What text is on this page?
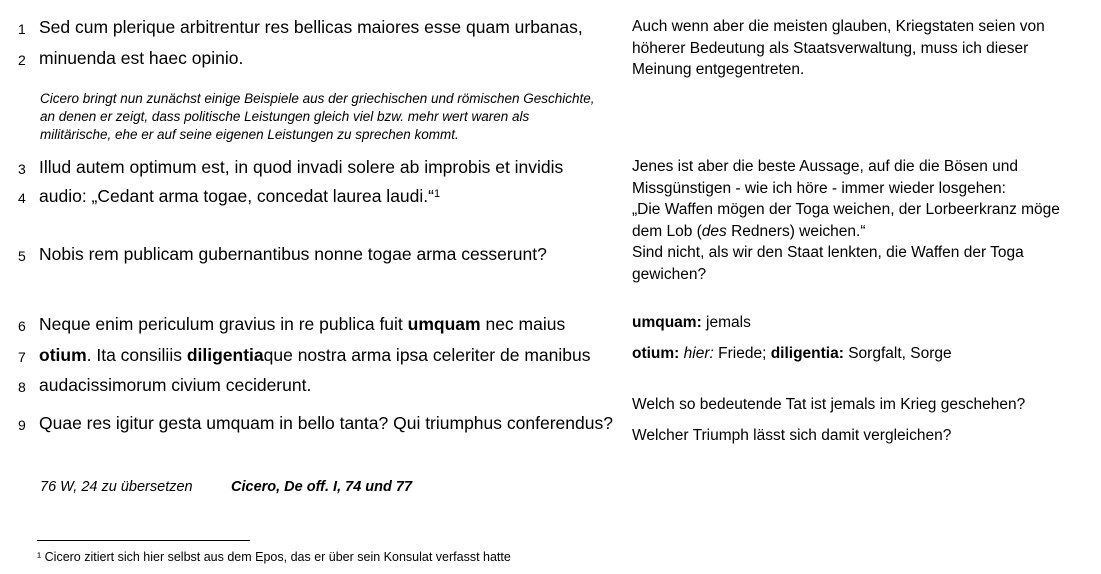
1
2
3
4
5
6
7
8
9
Sed cum plerique arbitrentur res bellicas maiores esse quam urbanas,
minuenda est haec opinio.
Cicero bringt nun zunächst einige Beispiele aus der griechischen und römischen Geschichte, an denen er zeigt, dass politische Leistungen gleich viel bzw. mehr wert waren als militärische, ehe er auf seine eigenen Leistungen zu sprechen kommt.
Illud autem optimum est, in quod invadi solere ab improbis et invidis
audio: „Cedant arma togae, concedat laurea laudi.“$^1$
Nobis rem publicam gubernantibus nonne togae arma cesserunt?
Neque enim periculum gravius in re publica fuit umquam nec maius
otium. Ita consiliis diligentiaque nostra arma ipsa celeriter de manibus
audacissimorum civium ceciderunt.
Quae res igitur gesta umquam in bello tanta? Qui triumphus conferendus?
Auch wenn aber die meisten glauben, Kriegstaten seien von höherer Bedeutung als Staatsverwaltung, muss ich dieser Meinung entgegentreten.
Jenes ist aber die beste Aussage, auf die die Bösen und Missgünstigen - wie ich höre - immer wieder losgehen:
„Die Waffen mögen der Toga weichen, der Lorbeerkranz möge dem Lob (des Redners) weichen.“
Sind nicht, als wir den Staat lenkten, die Waffen der Toga gewichen?
umquam: jemals
otium: hier: Friede; diligentia: Sorgfalt, Sorge
Welch so bedeutende Tat ist jemals im Krieg geschehen?
Welcher Triumph lässt sich damit vergleichen?
76 W, 24 zu übersetzen	Cicero, De off. I, 74 und 77
¹ Cicero zitiert sich hier selbst aus dem Epos, das er über sein Konsulat verfasst hatte
